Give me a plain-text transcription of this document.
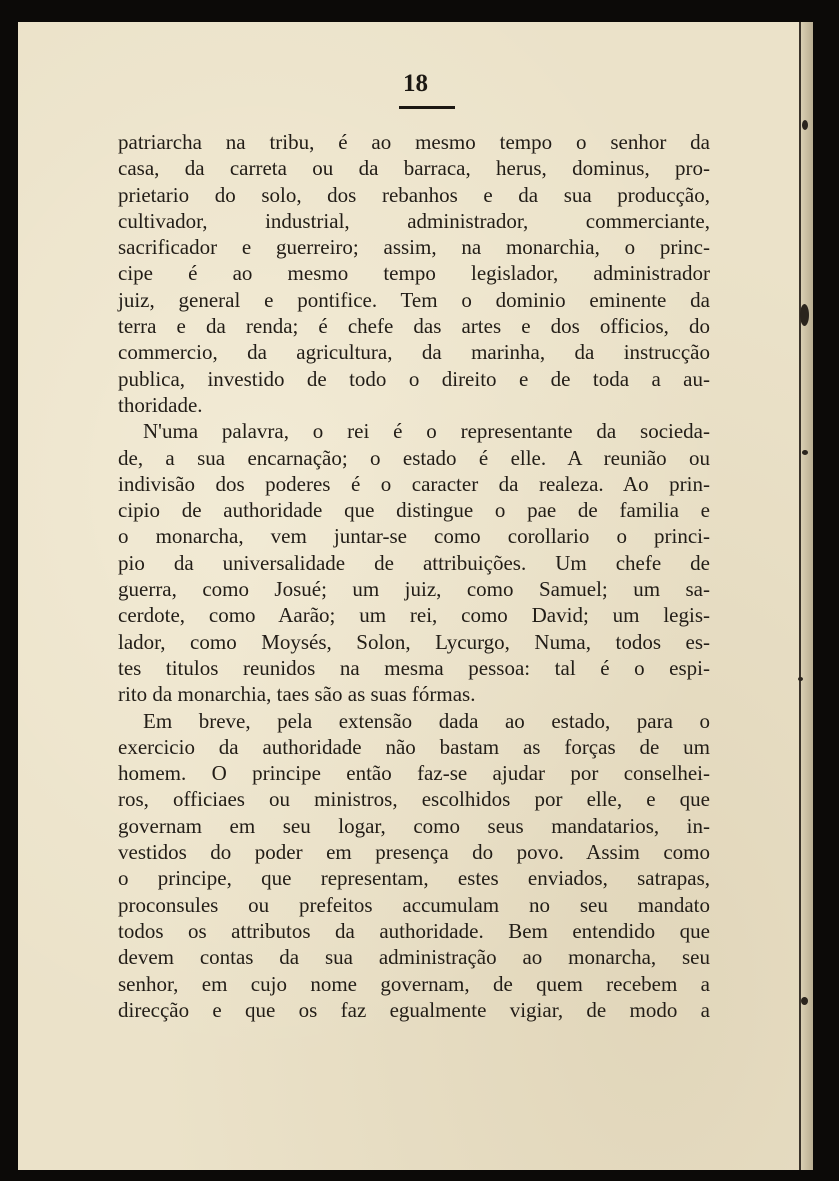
18
patriarcha na tribu, é ao mesmo tempo o senhor da
casa, da carreta ou da barraca, herus, dominus, pro-
prietario do solo, dos rebanhos e da sua producção,
cultivador, industrial, administrador, commerciante,
sacrificador e guerreiro; assim, na monarchia, o princ-
cipe é ao mesmo tempo legislador, administrador
juiz, general e pontifice. Tem o dominio eminente da
terra e da renda; é chefe das artes e dos officios, do
commercio, da agricultura, da marinha, da instrucção
publica, investido de todo o direito e de toda a au-
thoridade.
N'uma palavra, o rei é o representante da socieda-
de, a sua encarnação; o estado é elle. A reunião ou
indivisão dos poderes é o caracter da realeza. Ao prin-
cipio de authoridade que distingue o pae de familia e
o monarcha, vem juntar-se como corollario o princi-
pio da universalidade de attribuições. Um chefe de
guerra, como Josué; um juiz, como Samuel; um sa-
cerdote, como Aarão; um rei, como David; um legis-
lador, como Moysés, Solon, Lycurgo, Numa, todos es-
tes titulos reunidos na mesma pessoa: tal é o espi-
rito da monarchia, taes são as suas fórmas.
Em breve, pela extensão dada ao estado, para o
exercicio da authoridade não bastam as forças de um
homem. O principe então faz-se ajudar por conselhei-
ros, officiaes ou ministros, escolhidos por elle, e que
governam em seu logar, como seus mandatarios, in-
vestidos do poder em presença do povo. Assim como
o principe, que representam, estes enviados, satrapas,
proconsules ou prefeitos accumulam no seu mandato
todos os attributos da authoridade. Bem entendido que
devem contas da sua administração ao monarcha, seu
senhor, em cujo nome governam, de quem recebem a
direcção e que os faz egualmente vigiar, de modo a
